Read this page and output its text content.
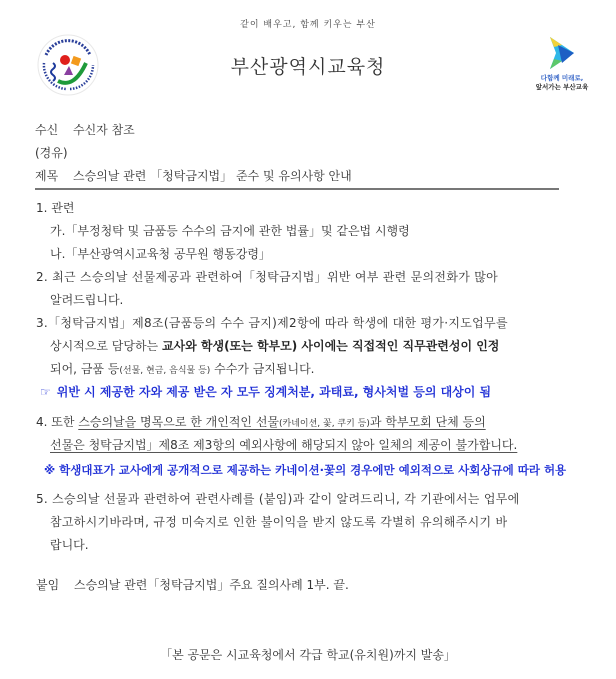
같이 배우고, 함께 키우는 부산
부산광역시교육청	다함께 미래로,
앞서가는 부산교육
수신 수신자 참조
(경유)
제목 스승의날 관련 「청탁금지법」 준수 및 유의사항 안내
1. 관련
가.「부정청탁 및 금품등 수수의 금지에 관한 법률」및 같은법 시행령
나.「부산광역시교육청 공무원 행동강령」
2. 최근 스승의날 선물제공과 관련하여「청탁금지법」위반 여부 관련 문의전화가 많아
알려드립니다.
3.「청탁금지법」제8조(금품등의 수수 금지)제2항에 따라 학생에 대한 평가·지도업무를
상시적으로 담당하는 교사와 학생(또는 학부모) 사이에는 직접적인 직무관련성이 인정
되어, 금품 등(선물, 현금, 음식물 등) 수수가 금지됩니다.
☞ 위반 시 제공한 자와 제공 받은 자 모두 징계처분, 과태료, 형사처벌 등의 대상이 됨
4. 또한 스승의날을 명목으로 한 개인적인 선물(카네이션, 꽃, 쿠키 등)과 학부모회 단체 등의
선물은 청탁금지법」제8조 제3항의 예외사항에 해당되지 않아 일체의 제공이 불가합니다.
※ 학생대표가 교사에게 공개적으로 제공하는 카네이션·꽃의 경우에만 예외적으로 사회상규에 따라 허용
5. 스승의날 선물과 관련하여 관련사례를 (붙임)과 같이 알려드리니, 각 기관에서는 업무에
참고하시기바라며, 규정 미숙지로 인한 불이익을 받지 않도록 각별히 유의해주시기 바
랍니다.
붙임 스승의날 관련「청탁금지법」주요 질의사례 1부. 끝.
「본 공문은 시교육청에서 각급 학교(유치원)까지 발송」
